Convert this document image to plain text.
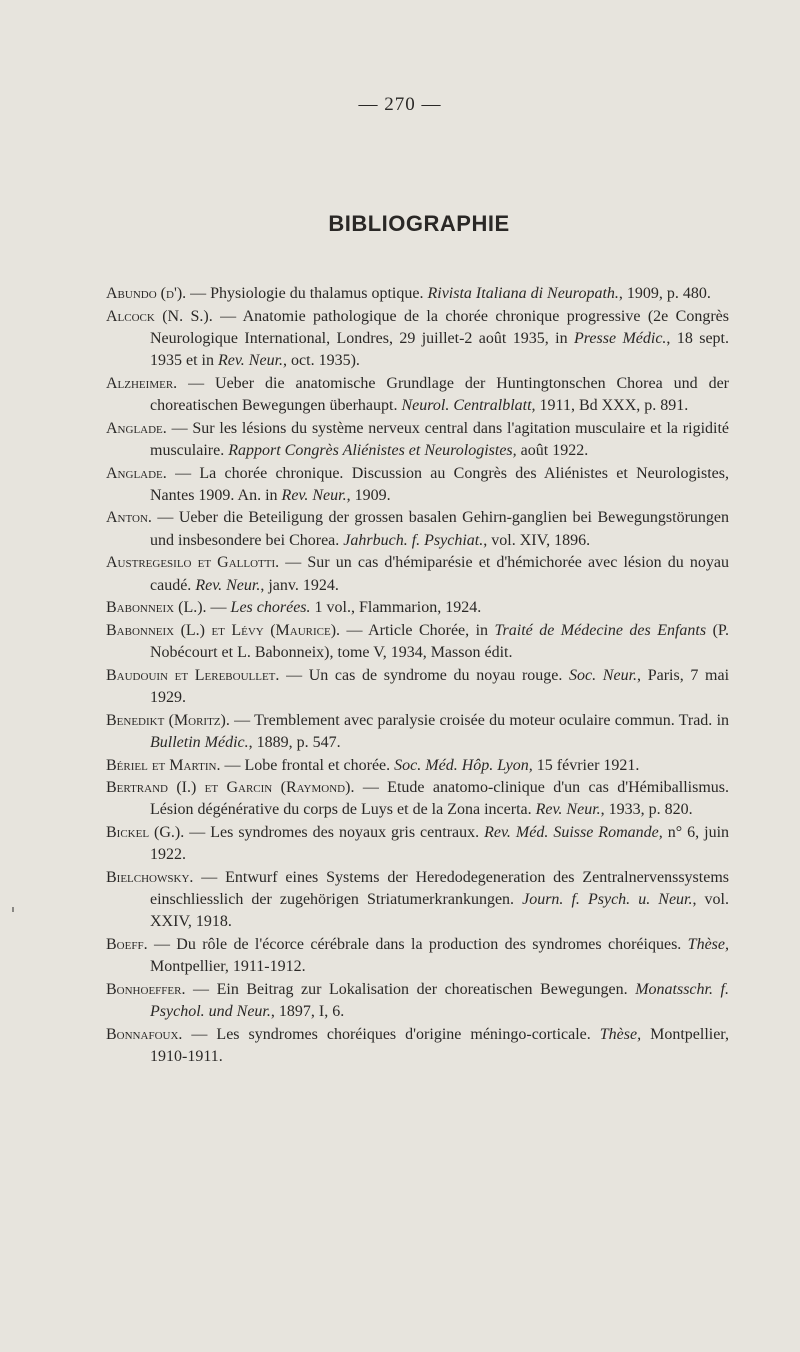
— 270 —
BIBLIOGRAPHIE

Abundo (d'). — Physiologie du thalamus optique. Rivista Italiana di Neuropath., 1909, p. 480.

Alcock (N. S.). — Anatomie pathologique de la chorée chronique progressive (2e Congrès Neurologique International, Londres, 29 juillet-2 août 1935, in Presse Médic., 18 sept. 1935 et in Rev. Neur., oct. 1935).

Alzheimer. — Ueber die anatomische Grundlage der Huntingtonschen Chorea und der choreatischen Bewegungen überhaupt. Neurol. Centralblatt, 1911, Bd XXX, p. 891.

Anglade. — Sur les lésions du système nerveux central dans l'agitation musculaire et la rigidité musculaire. Rapport Congrès Aliénistes et Neurologistes, août 1922.

Anglade. — La chorée chronique. Discussion au Congrès des Aliénistes et Neurologistes, Nantes 1909. An. in Rev. Neur., 1909.

Anton. — Ueber die Beteiligung der grossen basalen Gehirn-ganglien bei Bewegungstörungen und insbesondere bei Chorea. Jahrbuch. f. Psychiat., vol. XIV, 1896.

Austregesilo et Gallotti. — Sur un cas d'hémiparésie et d'hémichorée avec lésion du noyau caudé. Rev. Neur., janv. 1924.

Babonneix (L.). — Les chorées. 1 vol., Flammarion, 1924.

Babonneix (L.) et Lévy (Maurice). — Article Chorée, in Traité de Médecine des Enfants (P. Nobécourt et L. Babonneix), tome V, 1934, Masson édit.

Baudouin et Lereboullet. — Un cas de syndrome du noyau rouge. Soc. Neur., Paris, 7 mai 1929.

Benedikt (Moritz). — Tremblement avec paralysie croisée du moteur oculaire commun. Trad. in Bulletin Médic., 1889, p. 547.

Bériel et Martin. — Lobe frontal et chorée. Soc. Méd. Hôp. Lyon, 15 février 1921.

Bertrand (I.) et Garcin (Raymond). — Etude anatomo-clinique d'un cas d'Hémiballismus. Lésion dégénérative du corps de Luys et de la Zona incerta. Rev. Neur., 1933, p. 820.

Bickel (G.). — Les syndromes des noyaux gris centraux. Rev. Méd. Suisse Romande, n° 6, juin 1922.

Bielchowsky. — Entwurf eines Systems der Heredodegeneration des Zentralnervenssystems einschliesslich der zugehörigen Striatumerkrankungen. Journ. f. Psych. u. Neur., vol. XXIV, 1918.

Boeff. — Du rôle de l'écorce cérébrale dans la production des syndromes choréiques. Thèse, Montpellier, 1911-1912.

Bonhoeffer. — Ein Beitrag zur Lokalisation der choreatischen Bewegungen. Monatsschr. f. Psychol. und Neur., 1897, I, 6.

Bonnafoux. — Les syndromes choréiques d'origine méningo-corticale. Thèse, Montpellier, 1910-1911.
